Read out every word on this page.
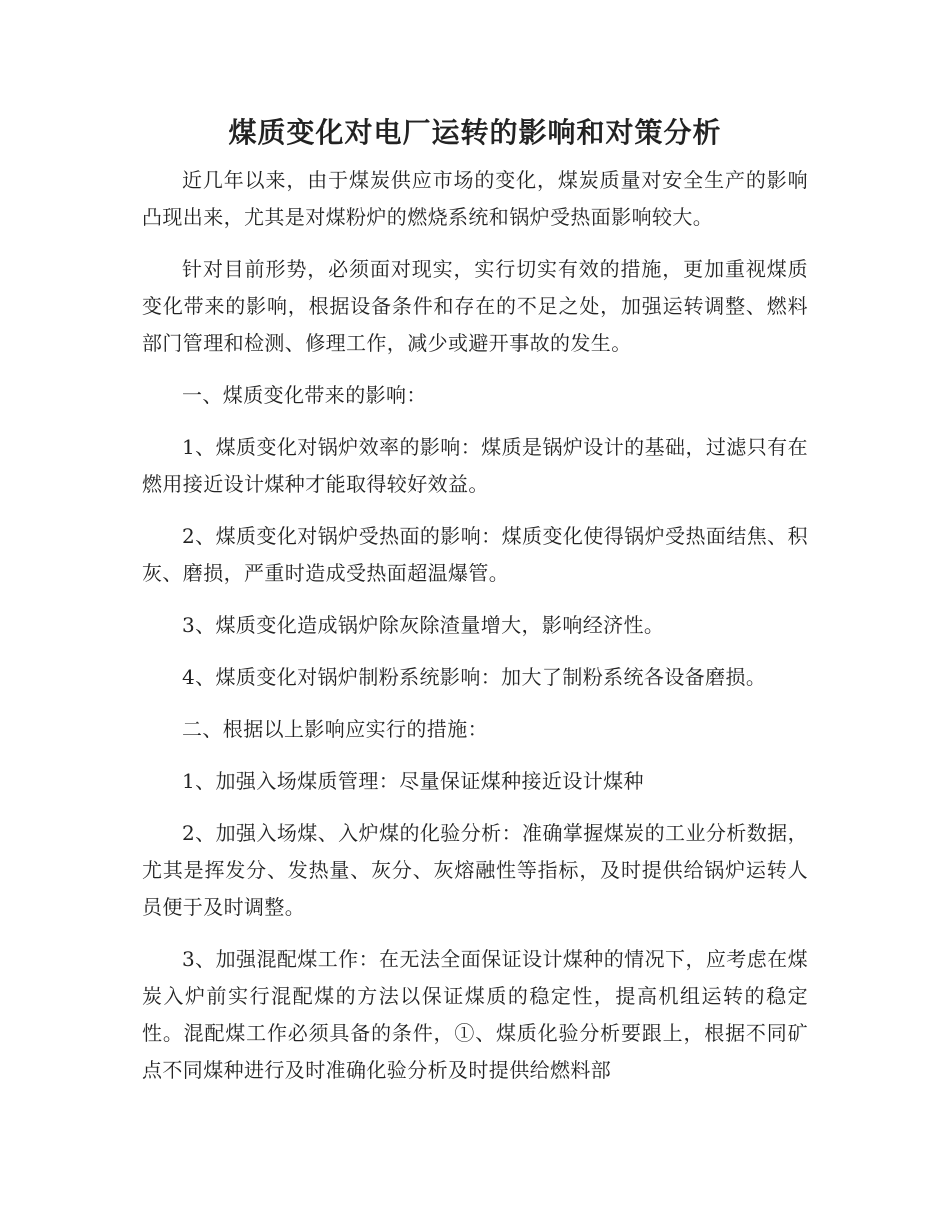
煤质变化对电厂运转的影响和对策分析

近几年以来，由于煤炭供应市场的变化，煤炭质量对安全生产的影响凸现出来，尤其是对煤粉炉的燃烧系统和锅炉受热面影响较大。

针对目前形势，必须面对现实，实行切实有效的措施，更加重视煤质变化带来的影响，根据设备条件和存在的不足之处，加强运转调整、燃料部门管理和检测、修理工作，减少或避开事故的发生。

一、煤质变化带来的影响：

1、煤质变化对锅炉效率的影响：煤质是锅炉设计的基础，过滤只有在燃用接近设计煤种才能取得较好效益。

2、煤质变化对锅炉受热面的影响：煤质变化使得锅炉受热面结焦、积灰、磨损，严重时造成受热面超温爆管。

3、煤质变化造成锅炉除灰除渣量增大，影响经济性。

4、煤质变化对锅炉制粉系统影响：加大了制粉系统各设备磨损。

二、根据以上影响应实行的措施：

1、加强入场煤质管理：尽量保证煤种接近设计煤种

2、加强入场煤、入炉煤的化验分析：准确掌握煤炭的工业分析数据，尤其是挥发分、发热量、灰分、灰熔融性等指标，及时提供给锅炉运转人员便于及时调整。

3、加强混配煤工作：在无法全面保证设计煤种的情况下，应考虑在煤炭入炉前实行混配煤的方法以保证煤质的稳定性，提高机组运转的稳定性。混配煤工作必须具备的条件，①、煤质化验分析要跟上，根据不同矿点不同煤种进行及时准确化验分析及时提供给燃料部
